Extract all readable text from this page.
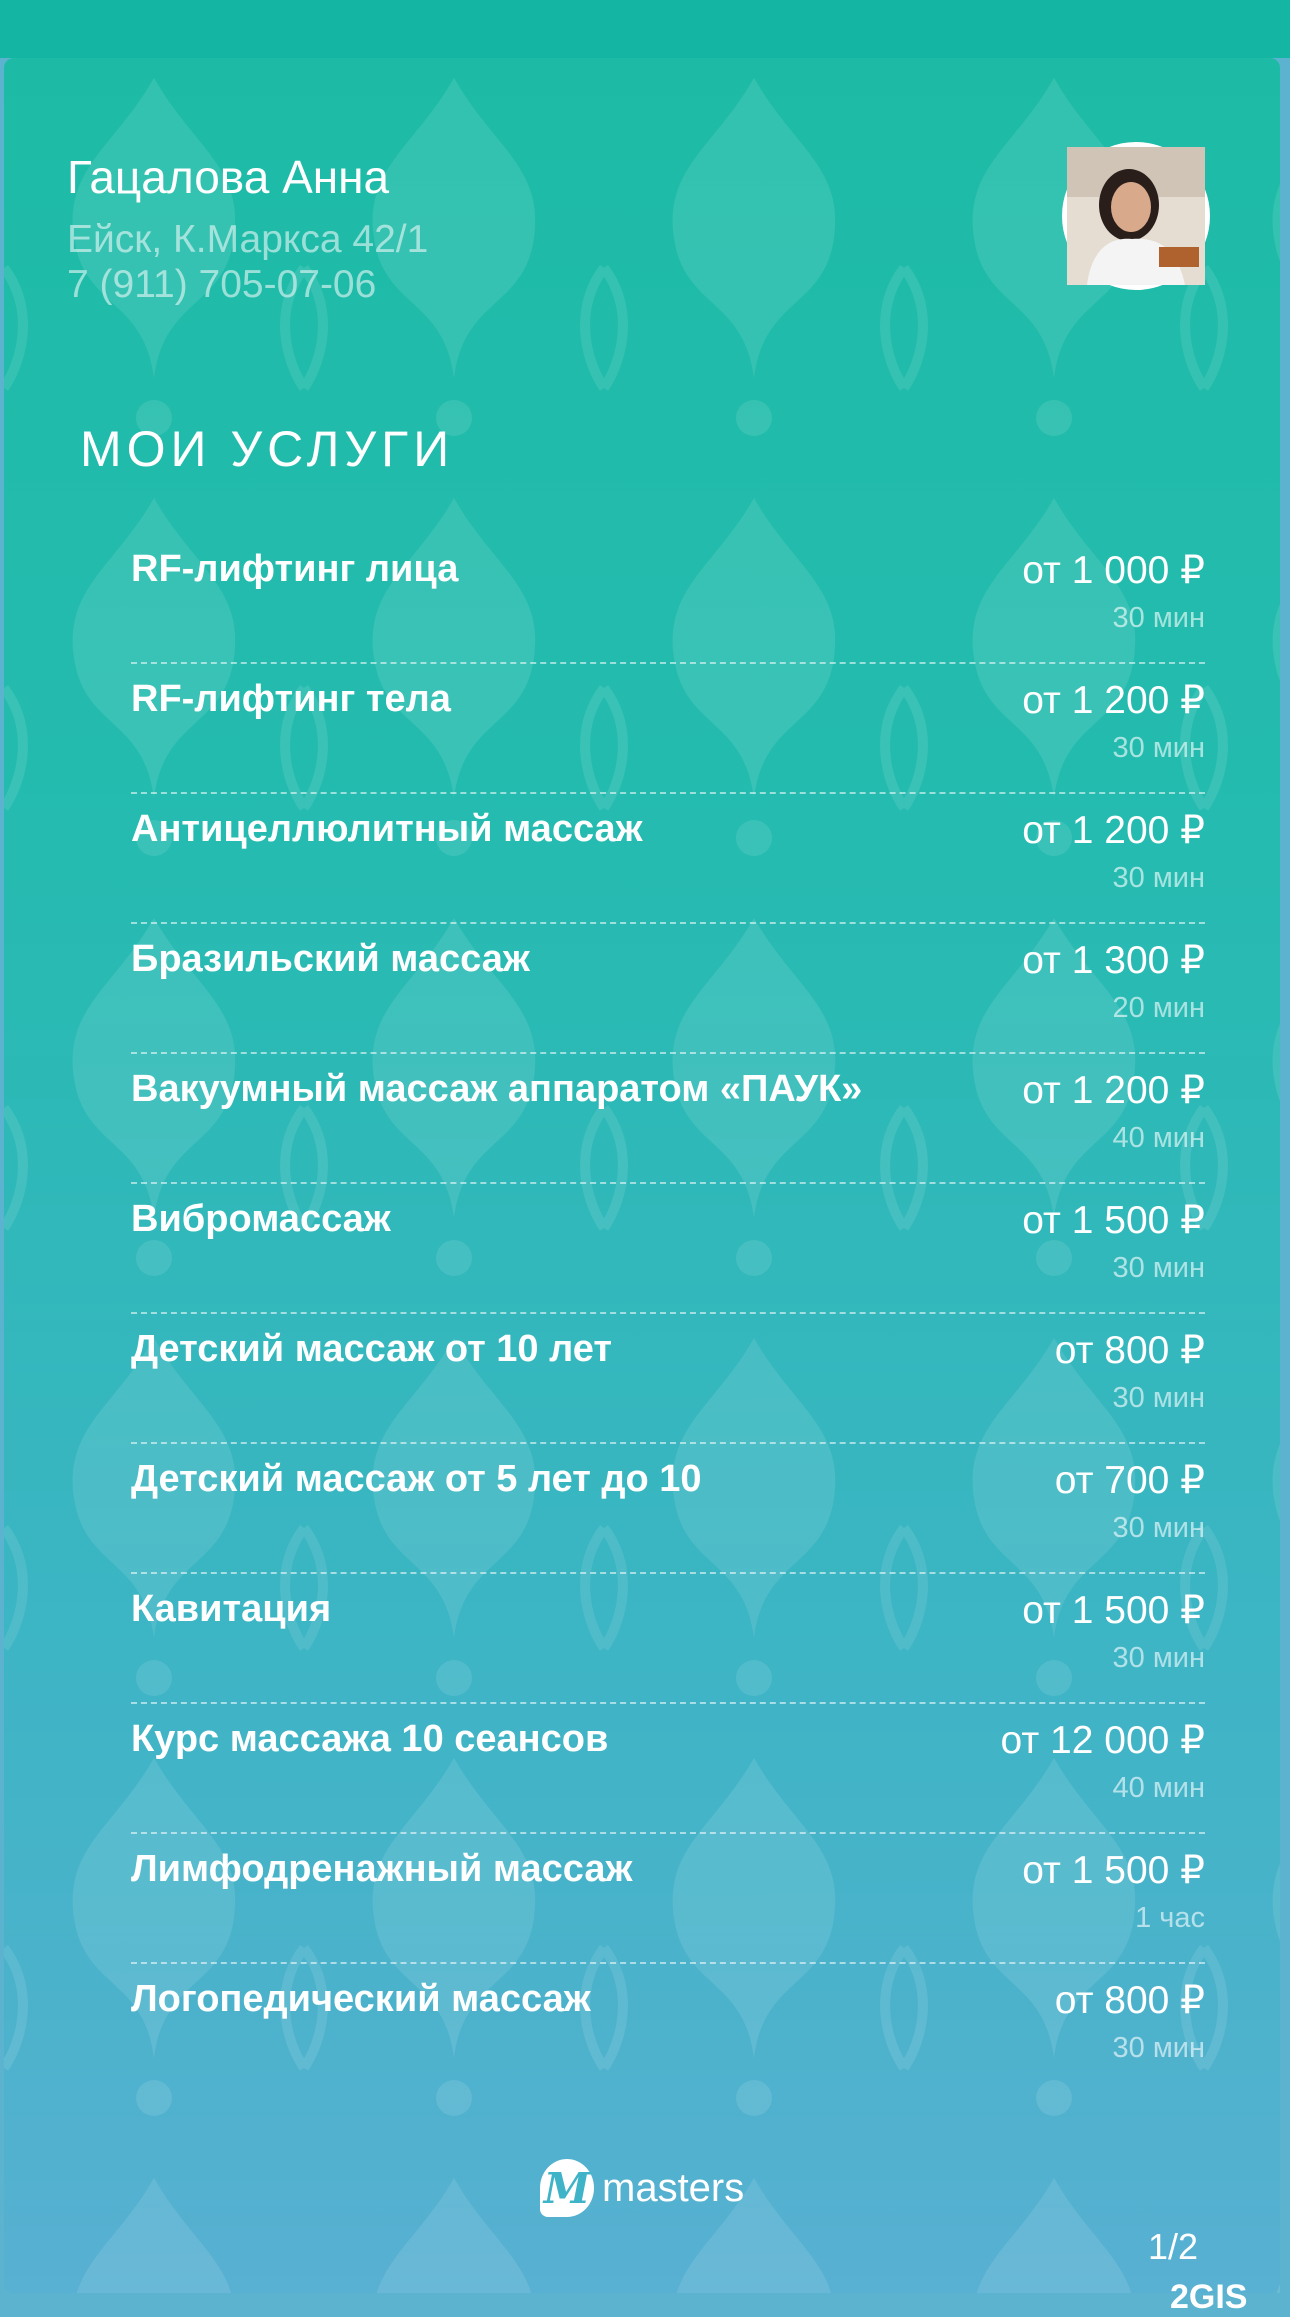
Гацалова Анна
Ейск, К.Маркса 42/1
7 (911) 705-07-06
МОИ УСЛУГИ
RF-лифтинг лица	от 1 000 ₽
30 мин
RF-лифтинг тела	от 1 200 ₽
30 мин
Антицеллюлитный массаж	от 1 200 ₽
30 мин
Бразильский массаж	от 1 300 ₽
20 мин
Вакуумный массаж аппаратом «ПАУК»	от 1 200 ₽
40 мин
Вибромассаж	от 1 500 ₽
30 мин
Детский массаж от 10 лет	от 800 ₽
30 мин
Детский массаж от 5 лет до 10	от 700 ₽
30 мин
Кавитация	от 1 500 ₽
30 мин
Курс массажа 10 сеансов	от 12 000 ₽
40 мин
Лимфодренажный массаж	от 1 500 ₽
1 час
Логопедический массаж	от 800 ₽
30 мин
M masters
1/2
2GIS
